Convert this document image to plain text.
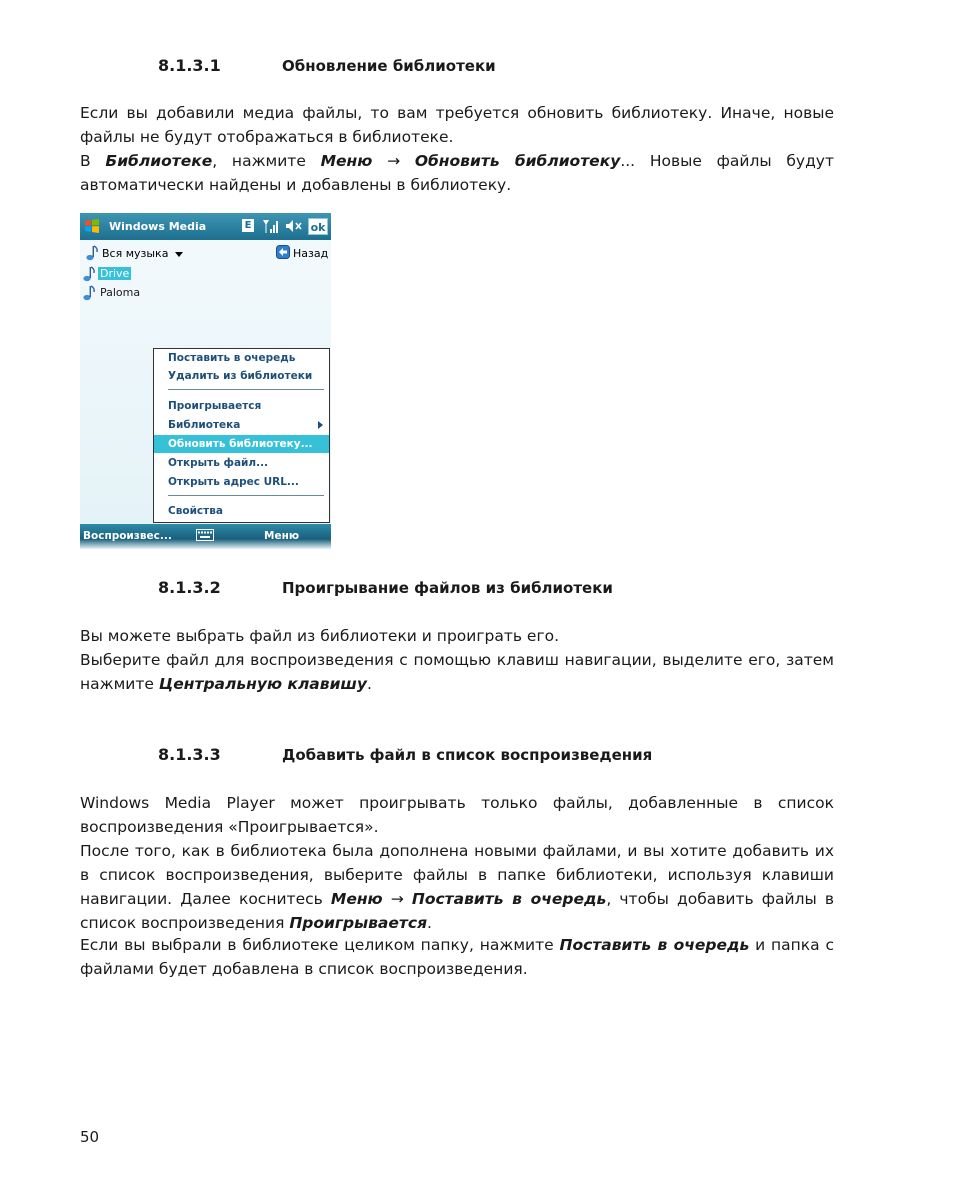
8.1.3.1	Обновление библиотеки

Если вы добавили медиа файлы, то вам требуется обновить библиотеку. Иначе, новые файлы не будут отображаться в библиотеке.

В Библиотеке, нажмите Меню → Обновить библиотеку... Новые файлы будут автоматически найдены и добавлены в библиотеку.

Windows Media	E	ok
Вся музыка	Назад
Drive
Paloma
Поставить в очередь
Удалить из библиотеки
Проигрывается
Библиотека
Обновить библиотеку...
Открыть файл...
Открыть адрес URL...
Свойства
Воспроизвес...	Меню
8.1.3.2	Проигрывание файлов из библиотеки

Вы можете выбрать файл из библиотеки и проиграть его.

Выберите файл для воспроизведения с помощью клавиш навигации, выделите его, затем нажмите Центральную клавишу.

8.1.3.3	Добавить файл в список воспроизведения

Windows Media Player может проигрывать только файлы, добавленные в список воспроизведения «Проигрывается».

После того, как в библиотека была дополнена новыми файлами, и вы хотите добавить их в список воспроизведения, выберите файлы в папке библиотеки, используя клавиши навигации. Далее коснитесь Меню → Поставить в очередь, чтобы добавить файлы в список воспроизведения Проигрывается.

Если вы выбрали в библиотеке целиком папку, нажмите Поставить в очередь и папка с файлами будет добавлена в список воспроизведения.

50
